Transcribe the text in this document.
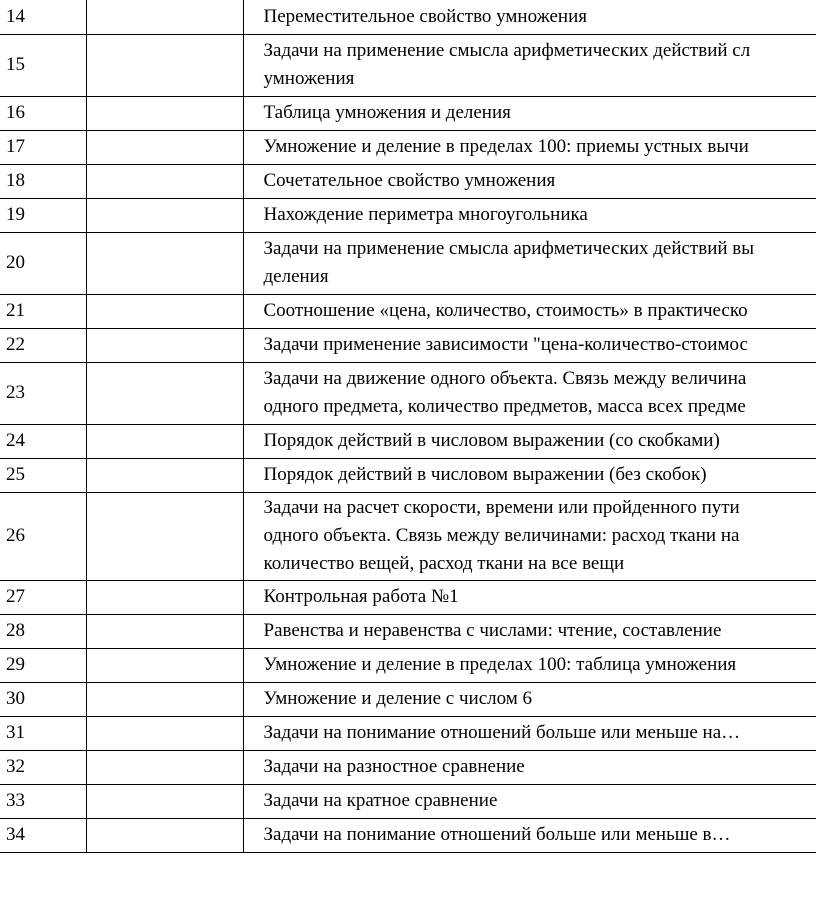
14		Переместительное свойство умножения

15		Задачи на применение смысла арифметических действий сл
умножения

16		Таблица умножения и деления

17		Умножение и деление в пределах 100: приемы устных вычи

18		Сочетательное свойство умножения

19		Нахождение периметра многоугольника

20		Задачи на применение смысла арифметических действий вы
деления

21		Соотношение «цена, количество, стоимость» в практическо

22		Задачи применение зависимости "цена-количество-стоимос

23		Задачи на движение одного объекта. Связь между величина
одного предмета, количество предметов, масса всех предме

24		Порядок действий в числовом выражении (со скобками)

25		Порядок действий в числовом выражении (без скобок)

26		Задачи на расчет скорости, времени или пройденного пути
одного объекта. Связь между величинами: расход ткани на
количество вещей, расход ткани на все вещи

27		Контрольная работа №1

28		Равенства и неравенства с числами: чтение, составление

29		Умножение и деление в пределах 100: таблица умножения

30		Умножение и деление с числом 6

31		Задачи на понимание отношений больше или меньше на…

32		Задачи на разностное сравнение

33		Задачи на кратное сравнение

34		Задачи на понимание отношений больше или меньше в…
